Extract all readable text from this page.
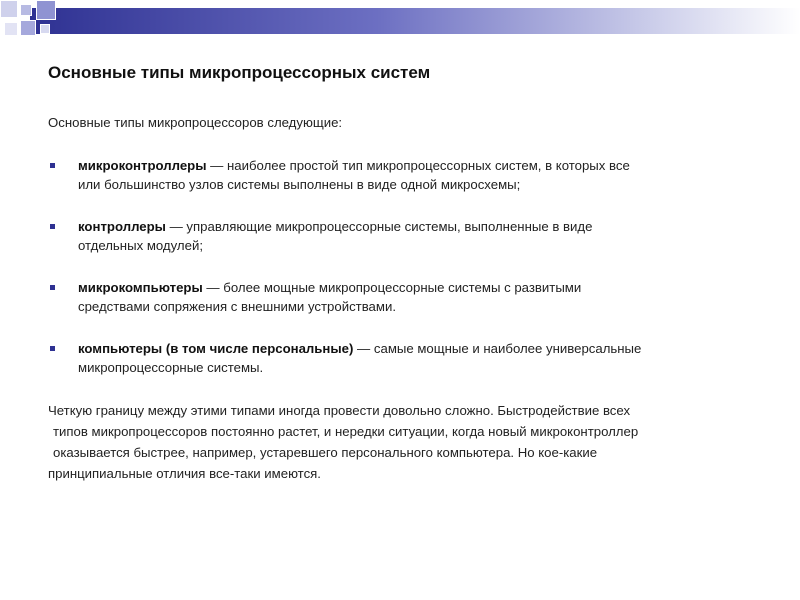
Основные типы микропроцессорных систем

Основные типы микропроцессоров следующие:

микроконтроллеры — наиболее простой тип микропроцессорных систем, в которых все
или большинство узлов системы выполнены в виде одной микросхемы;
контроллеры — управляющие микропроцессорные системы, выполненные в виде
отдельных модулей;
микрокомпьютеры — более мощные микропроцессорные системы с развитыми
средствами сопряжения с внешними устройствами.
компьютеры (в том числе персональные) — самые мощные и наиболее универсальные
микропроцессорные системы.

Четкую границу между этими типами иногда провести довольно сложно. Быстродействие всех
типов микропроцессоров постоянно растет, и нередки ситуации, когда новый микроконтроллер
оказывается быстрее, например, устаревшего персонального компьютера. Но кое-какие
принципиальные отличия все-таки имеются.
